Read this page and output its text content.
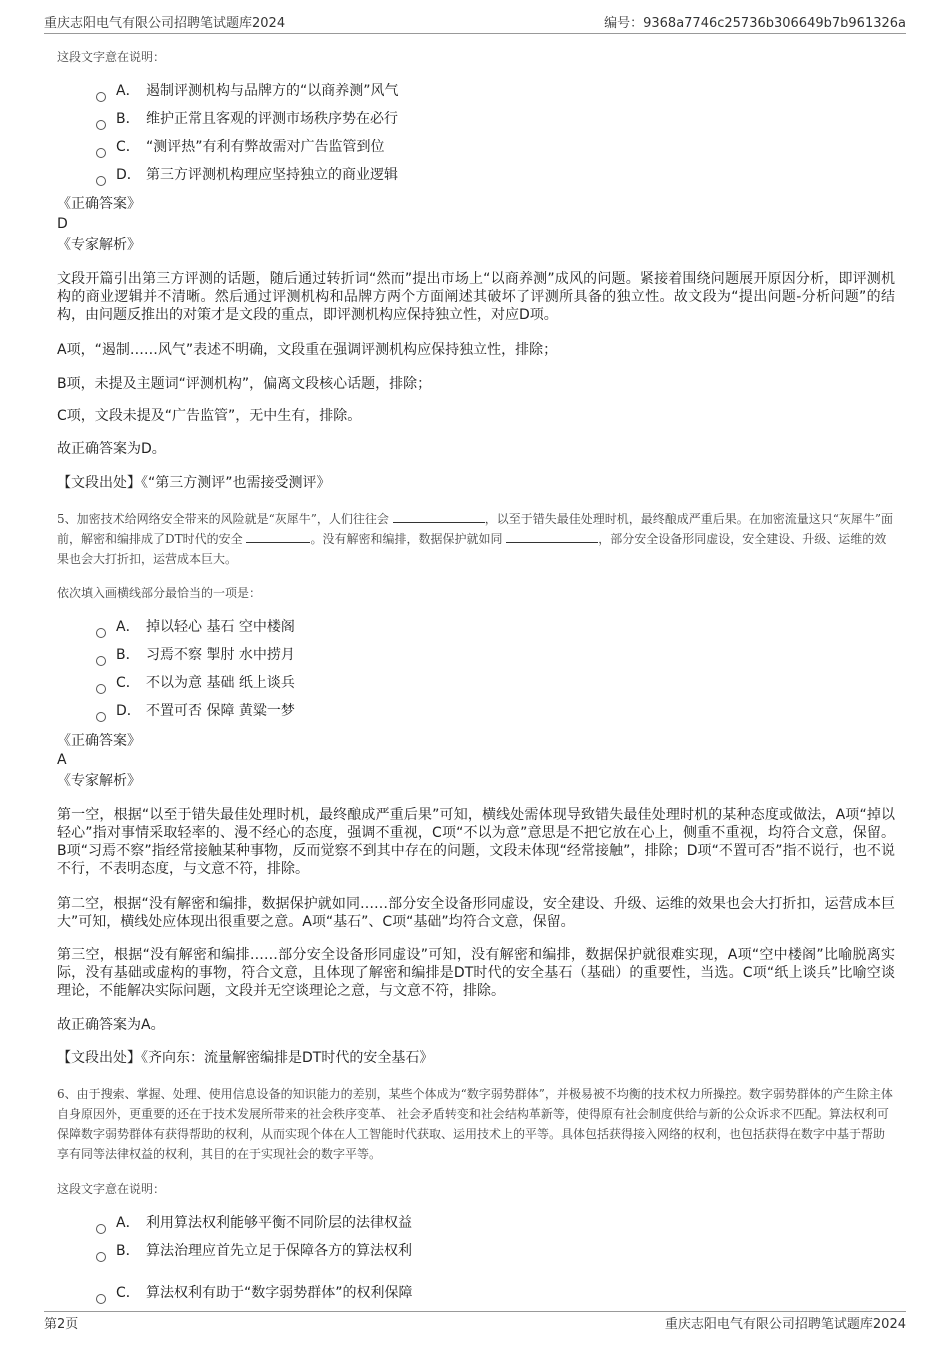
重庆志阳电气有限公司招聘笔试题库2024	编号：9368a7746c25736b306649b7b961326a
这段文字意在说明：
A． 遏制评测机构与品牌方的“以商养测”风气
B． 维护正常且客观的评测市场秩序势在必行
C． “测评热”有利有弊故需对广告监管到位
D． 第三方评测机构理应坚持独立的商业逻辑
《正确答案》
D
《专家解析》
文段开篇引出第三方评测的话题，随后通过转折词“然而”提出市场上“以商养测”成风的问题。紧接着围绕问题展开原因分析，即评测机构的商业逻辑并不清晰。然后通过评测机构和品牌方两个方面阐述其破坏了评测所具备的独立性。故文段为“提出问题-分析问题”的结构，由问题反推出的对策才是文段的重点，即评测机构应保持独立性，对应D项。
A项，“遏制……风气”表述不明确，文段重在强调评测机构应保持独立性，排除；
B项，未提及主题词“评测机构”，偏离文段核心话题，排除；
C项，文段未提及“广告监管”，无中生有，排除。
故正确答案为D。
【文段出处】《“第三方测评”也需接受测评》
5、加密技术给网络安全带来的风险就是“灰犀牛”，人们往往会	，以至于错失最佳处理时机，最终酿成严重后果。在加密流量这只“灰犀牛”面前，解密和编排成了DT时代的安全	。没有解密和编排，数据保护就如同	，部分安全设备形同虚设，安全建设、升级、运维的效果也会大打折扣，运营成本巨大。
依次填入画横线部分最恰当的一项是：
A． 掉以轻心 基石 空中楼阁
B． 习焉不察 掣肘 水中捞月
C． 不以为意 基础 纸上谈兵
D． 不置可否 保障 黄粱一梦
《正确答案》
A
《专家解析》
第一空，根据“以至于错失最佳处理时机，最终酿成严重后果”可知，横线处需体现导致错失最佳处理时机的某种态度或做法，A项“掉以轻心”指对事情采取轻率的、漫不经心的态度，强调不重视，C项“不以为意”意思是不把它放在心上，侧重不重视，均符合文意，保留。B项“习焉不察”指经常接触某种事物，反而觉察不到其中存在的问题，文段未体现“经常接触”，排除；D项“不置可否”指不说行，也不说不行，不表明态度，与文意不符，排除。
第二空，根据“没有解密和编排，数据保护就如同……部分安全设备形同虚设，安全建设、升级、运维的效果也会大打折扣，运营成本巨大”可知，横线处应体现出很重要之意。A项“基石”、C项“基础”均符合文意，保留。
第三空，根据“没有解密和编排……部分安全设备形同虚设”可知，没有解密和编排，数据保护就很难实现，A项“空中楼阁”比喻脱离实际，没有基础或虚构的事物，符合文意，且体现了解密和编排是DT时代的安全基石（基础）的重要性，当选。C项“纸上谈兵”比喻空谈理论，不能解决实际问题，文段并无空谈理论之意，与文意不符，排除。
故正确答案为A。
【文段出处】《齐向东：流量解密编排是DT时代的安全基石》
6、由于搜索、掌握、处理、使用信息设备的知识能力的差别，某些个体成为“数字弱势群体”，并极易被不均衡的技术权力所操控。数字弱势群体的产生除主体自身原因外，更重要的还在于技术发展所带来的社会秩序变革、 社会矛盾转变和社会结构革新等，使得原有社会制度供给与新的公众诉求不匹配。算法权利可保障数字弱势群体有获得帮助的权利，从而实现个体在人工智能时代获取、运用技术上的平等。具体包括获得接入网络的权利，也包括获得在数字中基于帮助享有同等法律权益的权利，其目的在于实现社会的数字平等。
这段文字意在说明：
A． 利用算法权利能够平衡不同阶层的法律权益
B． 算法治理应首先立足于保障各方的算法权利
C． 算法权利有助于“数字弱势群体”的权利保障
第2页	重庆志阳电气有限公司招聘笔试题库2024
